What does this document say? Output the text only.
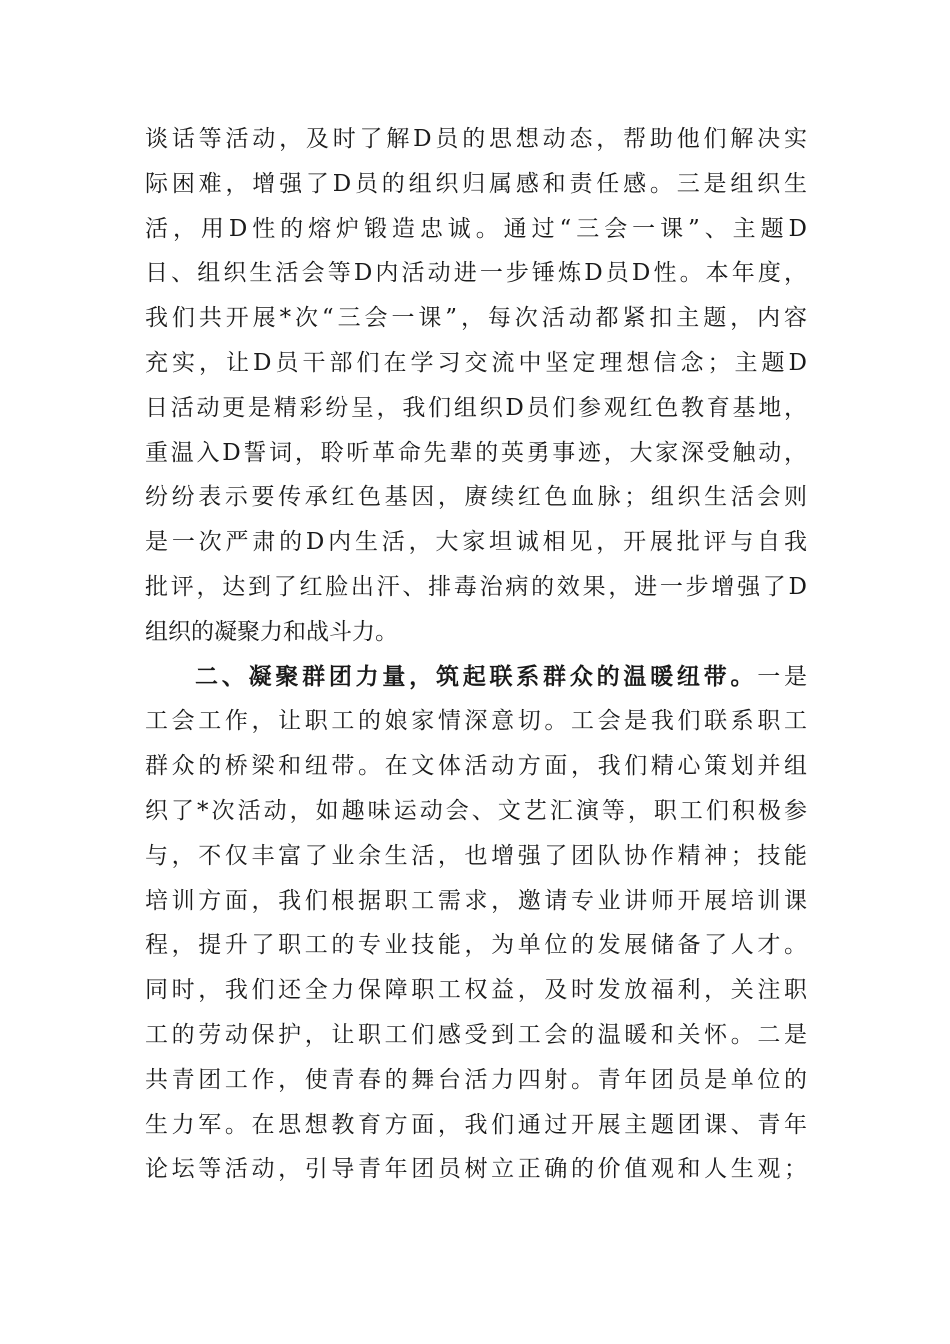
谈话等活动，及时了解D员的思想动态，帮助他们解决实
际困难，增强了D员的组织归属感和责任感。三是组织生
活，用D性的熔炉锻造忠诚。通过“三会一课”、主题D
日、组织生活会等D内活动进一步锤炼D员D性。本年度，
我们共开展*次“三会一课”，每次活动都紧扣主题，内容
充实，让D员干部们在学习交流中坚定理想信念；主题D
日活动更是精彩纷呈，我们组织D员们参观红色教育基地，
重温入D誓词，聆听革命先辈的英勇事迹，大家深受触动，
纷纷表示要传承红色基因，赓续红色血脉；组织生活会则
是一次严肃的D内生活，大家坦诚相见，开展批评与自我
批评，达到了红脸出汗、排毒治病的效果，进一步增强了D
组织的凝聚力和战斗力。
二、凝聚群团力量，筑起联系群众的温暖纽带。一是
工会工作，让职工的娘家情深意切。工会是我们联系职工
群众的桥梁和纽带。在文体活动方面，我们精心策划并组
织了*次活动，如趣味运动会、文艺汇演等，职工们积极参
与，不仅丰富了业余生活，也增强了团队协作精神；技能
培训方面，我们根据职工需求，邀请专业讲师开展培训课
程，提升了职工的专业技能，为单位的发展储备了人才。
同时，我们还全力保障职工权益，及时发放福利，关注职
工的劳动保护，让职工们感受到工会的温暖和关怀。二是
共青团工作，使青春的舞台活力四射。青年团员是单位的
生力军。在思想教育方面，我们通过开展主题团课、青年
论坛等活动，引导青年团员树立正确的价值观和人生观；
